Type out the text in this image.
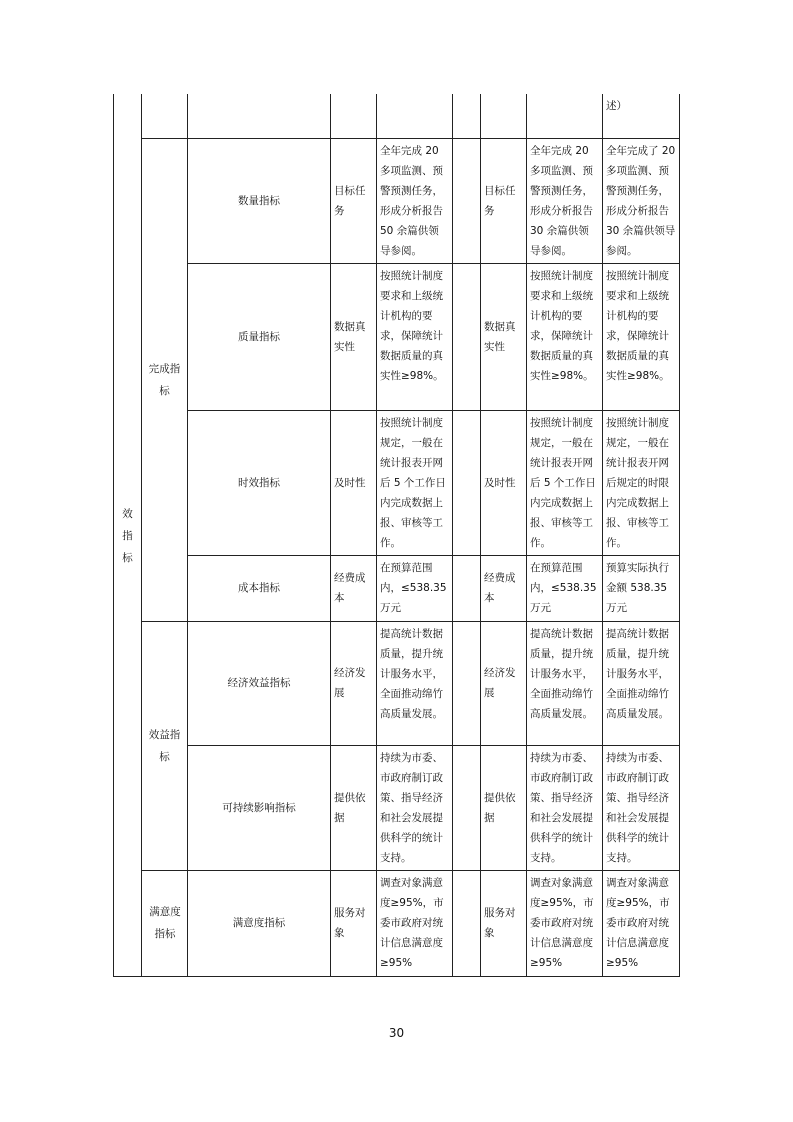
效指标								述）

	完成指标	数量指标	目标任务	全年完成 20 多项监测、预警预测任务，形成分析报告 50 余篇供领导参阅。		目标任务	全年完成 20 多项监测、预警预测任务，形成分析报告 30 余篇供领导参阅。	全年完成了 20 多项监测、预警预测任务，形成分析报告 30 余篇供领导参阅。
		质量指标	数据真实性	按照统计制度要求和上级统计机构的要求，保障统计数据质量的真实性≥98%。		数据真实性	按照统计制度要求和上级统计机构的要求，保障统计数据质量的真实性≥98%。	按照统计制度要求和上级统计机构的要求，保障统计数据质量的真实性≥98%。
		时效指标	及时性	按照统计制度规定，一般在统计报表开网后 5 个工作日内完成数据上报、审核等工作。		及时性	按照统计制度规定，一般在统计报表开网后 5 个工作日内完成数据上报、审核等工作。	按照统计制度规定，一般在统计报表开网后规定的时限内完成数据上报、审核等工作。
		成本指标	经费成本	在预算范围内，≤538.35 万元		经费成本	在预算范围内，≤538.35 万元	预算实际执行金额 538.35 万元

	效益指标	经济效益指标	经济发展	提高统计数据质量，提升统计服务水平，全面推动绵竹高质量发展。		经济发展	提高统计数据质量，提升统计服务水平，全面推动绵竹高质量发展。	提高统计数据质量，提升统计服务水平，全面推动绵竹高质量发展。
		可持续影响指标	提供依据	持续为市委、市政府制订政策、指导经济和社会发展提供科学的统计支持。		提供依据	持续为市委、市政府制订政策、指导经济和社会发展提供科学的统计支持。	持续为市委、市政府制订政策、指导经济和社会发展提供科学的统计支持。

	满意度指标	满意度指标	服务对象	调查对象满意度≥95%，市委市政府对统计信息满意度≥95%		服务对象	调查对象满意度≥95%，市委市政府对统计信息满意度≥95%	调查对象满意度≥95%，市委市政府对统计信息满意度≥95%
30
